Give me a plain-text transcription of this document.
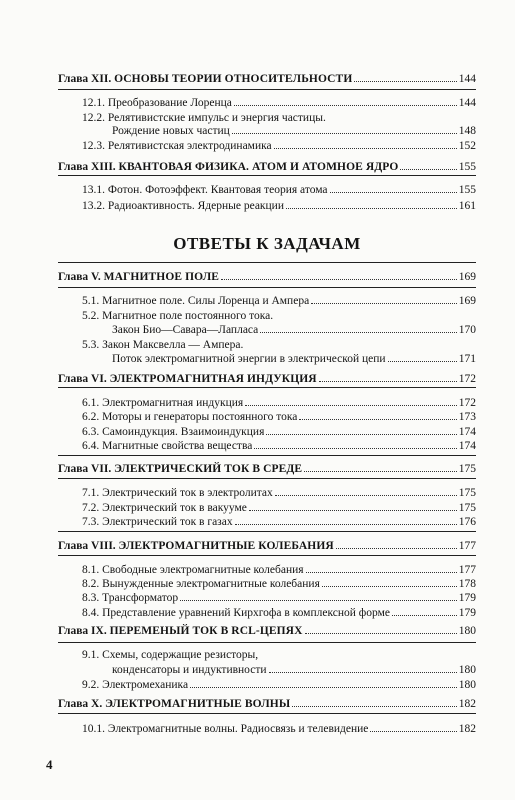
Глава XII. ОСНОВЫ ТЕОРИИ ОТНОСИТЕЛЬНОСТИ	144
12.1. Преобразование Лоренца	144
12.2. Релятивистские импульс и энергия частицы.
Рождение новых частиц	148
12.3. Релятивистская электродинамика	152
Глава XIII. КВАНТОВАЯ ФИЗИКА. АТОМ И АТОМНОЕ ЯДРО	155
13.1. Фотон. Фотоэффект. Квантовая теория атома	155
13.2. Радиоактивность. Ядерные реакции	161
ОТВЕТЫ К ЗАДАЧАМ
Глава V. МАГНИТНОЕ ПОЛЕ	169
5.1. Магнитное поле. Силы Лоренца и Ампера	169
5.2. Магнитное поле постоянного тока.
Закон Био—Савара—Лапласа	170
5.3. Закон Максвелла — Ампера.
Поток электромагнитной энергии в электрической цепи	171
Глава VI. ЭЛЕКТРОМАГНИТНАЯ ИНДУКЦИЯ	172
6.1. Электромагнитная индукция	172
6.2. Моторы и генераторы постоянного тока	173
6.3. Самоиндукция. Взаимоиндукция	174
6.4. Магнитные свойства вещества	174
Глава VII. ЭЛЕКТРИЧЕСКИЙ ТОК В СРЕДЕ	175
7.1. Электрический ток в электролитах	175
7.2. Электрический ток в вакууме	175
7.3. Электрический ток в газах	176
Глава VIII. ЭЛЕКТРОМАГНИТНЫЕ КОЛЕБАНИЯ	177
8.1. Свободные электромагнитные колебания	177
8.2. Вынужденные электромагнитные колебания	178
8.3. Трансформатор	179
8.4. Представление уравнений Кирхгофа в комплексной форме	179
Глава IX. ПЕРЕМЕНЫЙ ТОК В RCL-ЦЕПЯХ	180
9.1. Схемы, содержащие резисторы,
конденсаторы и индуктивности	180
9.2. Электромеханика	180
Глава X. ЭЛЕКТРОМАГНИТНЫЕ ВОЛНЫ	182
10.1. Электромагнитные волны. Радиосвязь и телевидение	182
4
